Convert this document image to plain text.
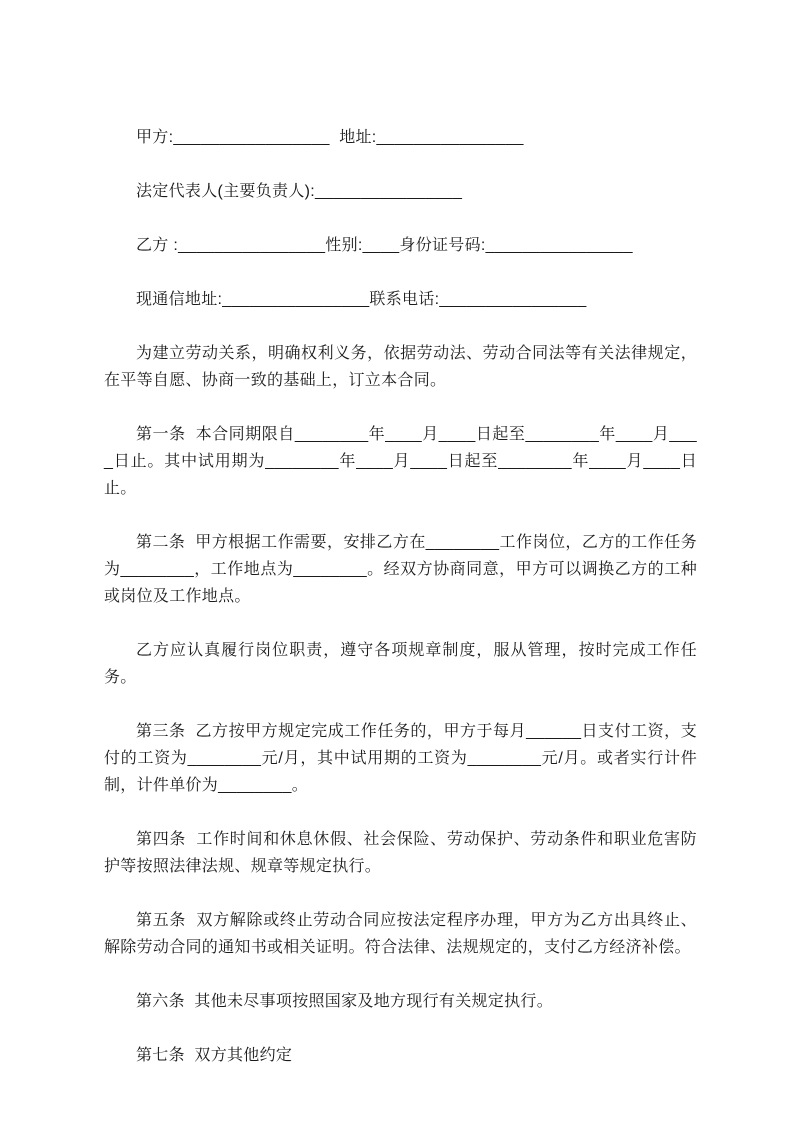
甲方:_________________  地址:________________

法定代表人(主要负责人):________________

乙方 :________________性别:____身份证号码:________________

现通信地址:________________联系电话:________________

为建立劳动关系，明确权利义务，依据劳动法、劳动合同法等有关法律规定，在平等自愿、协商一致的基础上，订立本合同。

第一条  本合同期限自________年____月____日起至________年____月____日止。其中试用期为________年____月____日起至________年____月____日止。

第二条  甲方根据工作需要，安排乙方在________工作岗位，乙方的工作任务为________，工作地点为________。经双方协商同意，甲方可以调换乙方的工种或岗位及工作地点。

乙方应认真履行岗位职责，遵守各项规章制度，服从管理，按时完成工作任务。

第三条  乙方按甲方规定完成工作任务的，甲方于每月______日支付工资，支付的工资为________元/月，其中试用期的工资为________元/月。或者实行计件制，计件单价为________。

第四条  工作时间和休息休假、社会保险、劳动保护、劳动条件和职业危害防护等按照法律法规、规章等规定执行。

第五条  双方解除或终止劳动合同应按法定程序办理，甲方为乙方出具终止、解除劳动合同的通知书或相关证明。符合法律、法规规定的，支付乙方经济补偿。

第六条  其他未尽事项按照国家及地方现行有关规定执行。

第七条  双方其他约定
